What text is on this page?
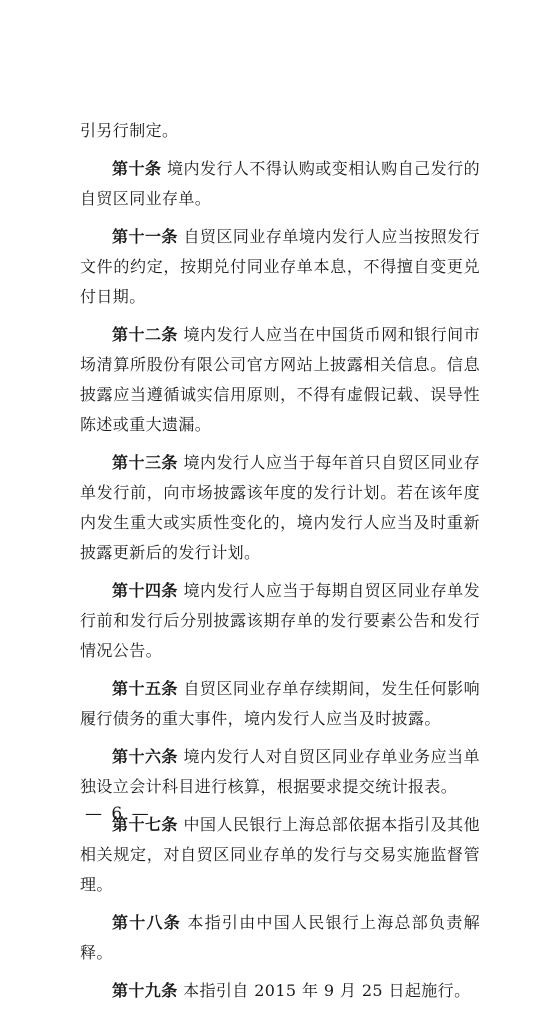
引另行制定。

第十条 境内发行人不得认购或变相认购自己发行的自贸区同业存单。

第十一条 自贸区同业存单境内发行人应当按照发行文件的约定，按期兑付同业存单本息，不得擅自变更兑付日期。

第十二条 境内发行人应当在中国货币网和银行间市场清算所股份有限公司官方网站上披露相关信息。信息披露应当遵循诚实信用原则，不得有虚假记载、误导性陈述或重大遗漏。

第十三条 境内发行人应当于每年首只自贸区同业存单发行前，向市场披露该年度的发行计划。若在该年度内发生重大或实质性变化的，境内发行人应当及时重新披露更新后的发行计划。

第十四条 境内发行人应当于每期自贸区同业存单发行前和发行后分别披露该期存单的发行要素公告和发行情况公告。

第十五条 自贸区同业存单存续期间，发生任何影响履行债务的重大事件，境内发行人应当及时披露。

第十六条 境内发行人对自贸区同业存单业务应当单独设立会计科目进行核算，根据要求提交统计报表。

第十七条 中国人民银行上海总部依据本指引及其他相关规定，对自贸区同业存单的发行与交易实施监督管理。

第十八条 本指引由中国人民银行上海总部负责解释。

第十九条 本指引自 2015 年 9 月 25 日起施行。

— 6 —
